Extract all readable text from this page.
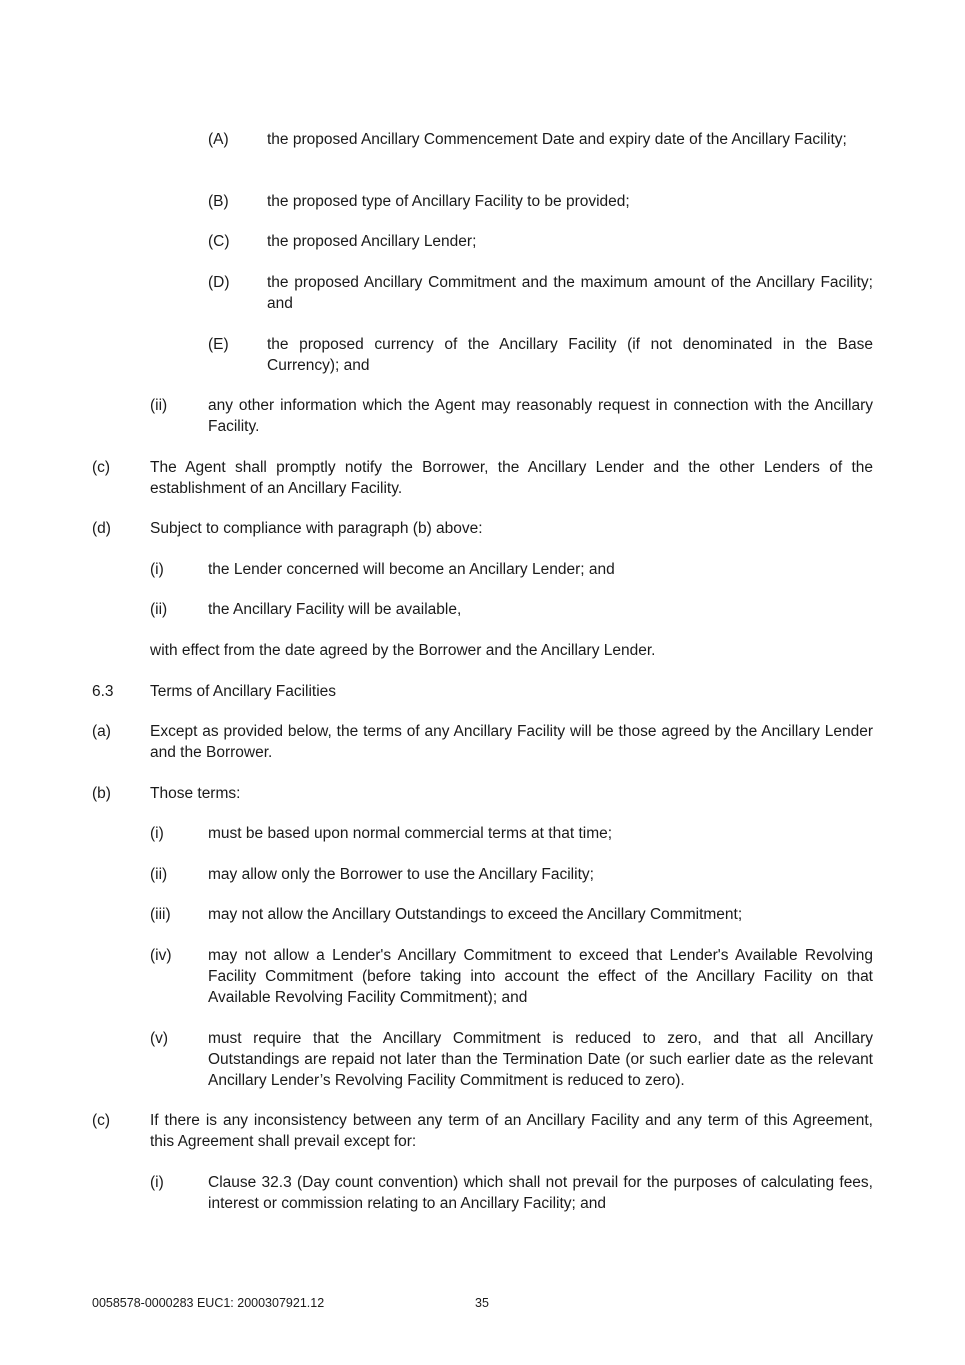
(A) the proposed Ancillary Commencement Date and expiry date of the Ancillary Facility;
(B) the proposed type of Ancillary Facility to be provided;
(C) the proposed Ancillary Lender;
(D) the proposed Ancillary Commitment and the maximum amount of the Ancillary Facility; and
(E) the proposed currency of the Ancillary Facility (if not denominated in the Base Currency); and
(ii)	any other information which the Agent may reasonably request in connection with the Ancillary Facility.
(c)	The Agent shall promptly notify the Borrower, the Ancillary Lender and the other Lenders of the establishment of an Ancillary Facility.
(d)	Subject to compliance with paragraph (b) above:
(i)	the Lender concerned will become an Ancillary Lender; and
(ii)	the Ancillary Facility will be available,
with effect from the date agreed by the Borrower and the Ancillary Lender.
6.3 Terms of Ancillary Facilities
(a)	Except as provided below, the terms of any Ancillary Facility will be those agreed by the Ancillary Lender and the Borrower.
(b)	Those terms:
(i)	must be based upon normal commercial terms at that time;
(ii)	may allow only the Borrower to use the Ancillary Facility;
(iii) may not allow the Ancillary Outstandings to exceed the Ancillary Commitment;
(iv) may not allow a Lender's Ancillary Commitment to exceed that Lender's Available Revolving Facility Commitment (before taking into account the effect of the Ancillary Facility on that Available Revolving Facility Commitment); and
(v)	must require that the Ancillary Commitment is reduced to zero, and that all Ancillary Outstandings are repaid not later than the Termination Date (or such earlier date as the relevant Ancillary Lender’s Revolving Facility Commitment is reduced to zero).
(c)	If there is any inconsistency between any term of an Ancillary Facility and any term of this Agreement, this Agreement shall prevail except for:
(i)	Clause 32.3 (Day count convention) which shall not prevail for the purposes of calculating fees, interest or commission relating to an Ancillary Facility; and
0058578-0000283 EUC1: 2000307921.12	35
